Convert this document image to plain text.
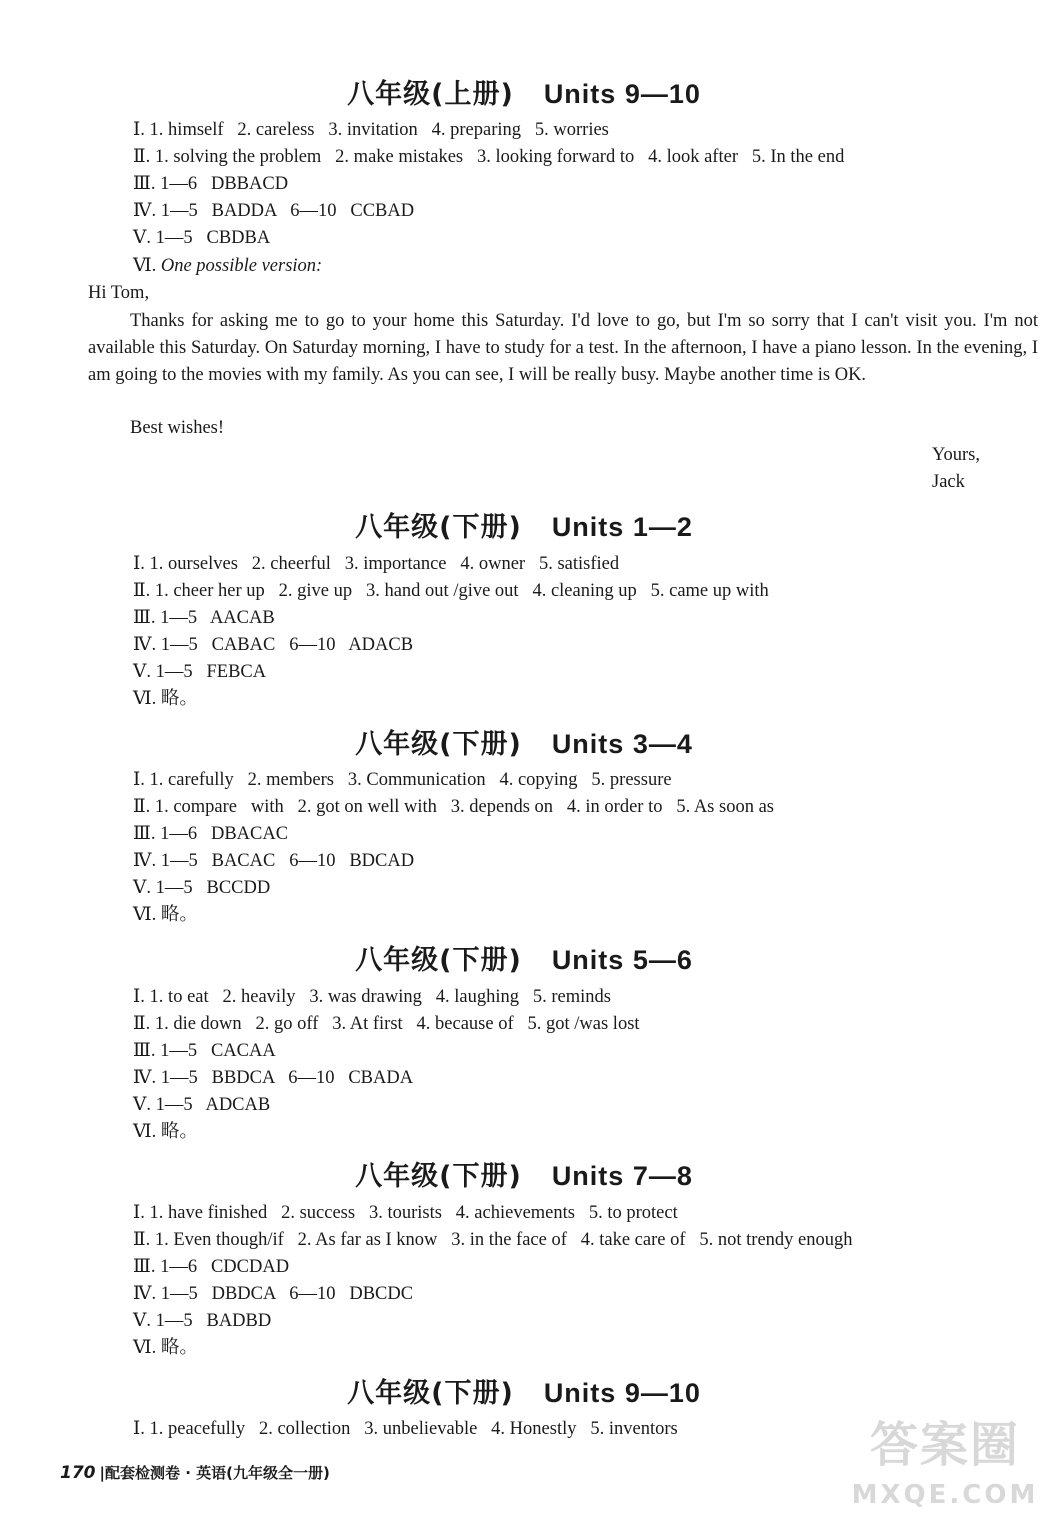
八年级(上册) Units 9—10
Ⅰ. 1. himself   2. careless   3. invitation   4. preparing   5. worries
Ⅱ. 1. solving the problem   2. make mistakes   3. looking forward to   4. look after   5. In the end
Ⅲ. 1—6   DBBACD
Ⅳ. 1—5   BADDA   6—10   CCBAD
Ⅴ. 1—5   CBDBA
Ⅵ. One possible version:
Hi Tom,

Thanks for asking me to go to your home this Saturday. I'd love to go, but I'm so sorry that I can't visit you. I'm not available this Saturday. On Saturday morning, I have to study for a test. In the afternoon, I have a piano lesson. In the evening, I am going to the movies with my family. As you can see, I will be really busy. Maybe another time is OK.

Best wishes!
Yours,
Jack
八年级(下册) Units 1—2
Ⅰ. 1. ourselves   2. cheerful   3. importance   4. owner   5. satisfied
Ⅱ. 1. cheer her up   2. give up   3. hand out /give out   4. cleaning up   5. came up with
Ⅲ. 1—5   AACAB
Ⅳ. 1—5   CABAC   6—10   ADACB
Ⅴ. 1—5   FEBCA
Ⅵ. 略。
八年级(下册) Units 3—4
Ⅰ. 1. carefully   2. members   3. Communication   4. copying   5. pressure
Ⅱ. 1. compare   with   2. got on well with   3. depends on   4. in order to   5. As soon as
Ⅲ. 1—6   DBACAC
Ⅳ. 1—5   BACAC   6—10   BDCAD
Ⅴ. 1—5   BCCDD
Ⅵ. 略。
八年级(下册) Units 5—6
Ⅰ. 1. to eat   2. heavily   3. was drawing   4. laughing   5. reminds
Ⅱ. 1. die down   2. go off   3. At first   4. because of   5. got /was lost
Ⅲ. 1—5   CACAA
Ⅳ. 1—5   BBDCA   6—10   CBADA
Ⅴ. 1—5   ADCAB
Ⅵ. 略。
八年级(下册) Units 7—8
Ⅰ. 1. have finished   2. success   3. tourists   4. achievements   5. to protect
Ⅱ. 1. Even though/if   2. As far as I know   3. in the face of   4. take care of   5. not trendy enough
Ⅲ. 1—6   CDCDAD
Ⅳ. 1—5   DBDCA   6—10   DBCDC
Ⅴ. 1—5   BADBD
Ⅵ. 略。
八年级(下册) Units 9—10
Ⅰ. 1. peacefully   2. collection   3. unbelievable   4. Honestly   5. inventors
170 |配套检测卷 · 英语(九年级全一册)	答案圈
MXQE.COM
